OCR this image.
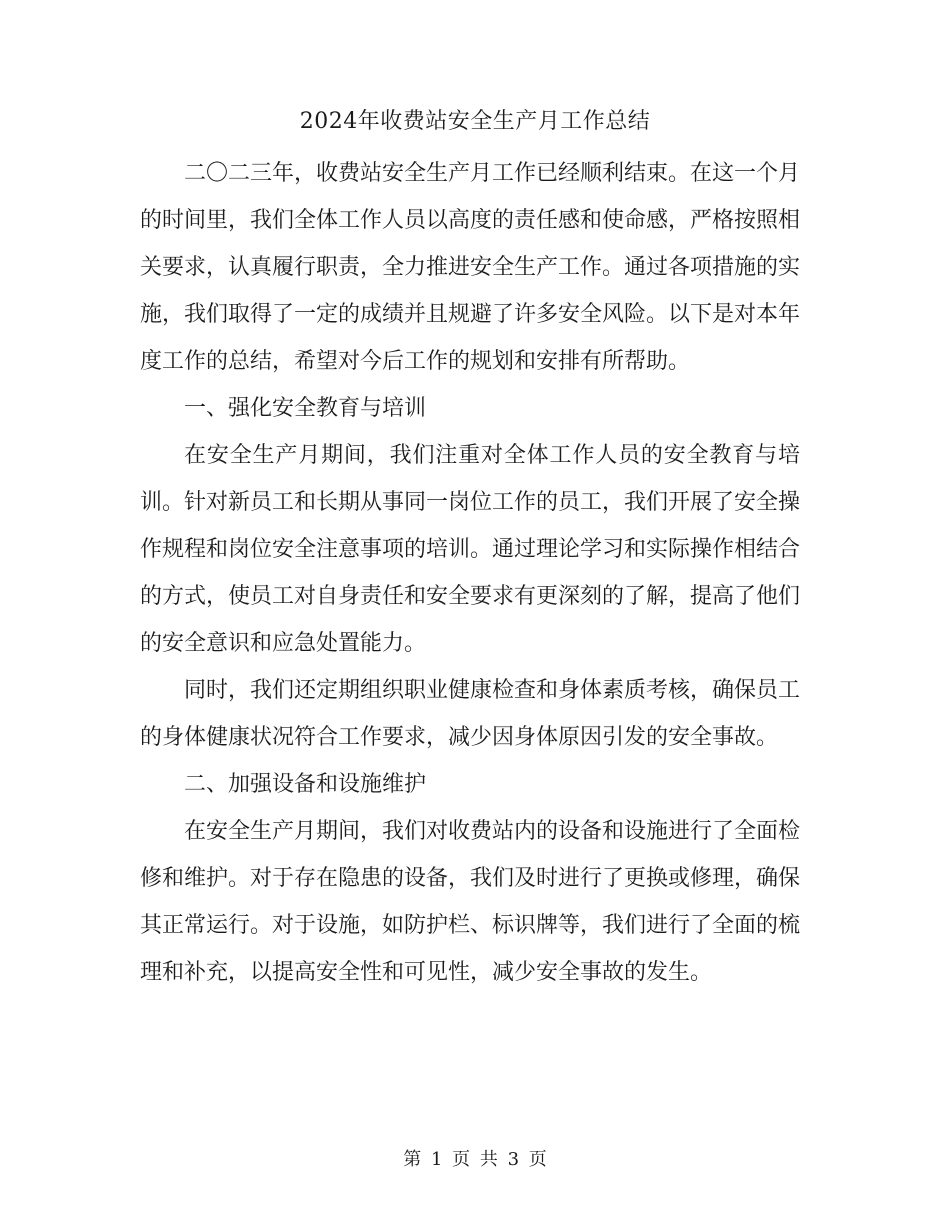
2024年收费站安全生产月工作总结

二〇二三年，收费站安全生产月工作已经顺利结束。在这一个月的时间里，我们全体工作人员以高度的责任感和使命感，严格按照相关要求，认真履行职责，全力推进安全生产工作。通过各项措施的实施，我们取得了一定的成绩并且规避了许多安全风险。以下是对本年度工作的总结，希望对今后工作的规划和安排有所帮助。

一、强化安全教育与培训

在安全生产月期间，我们注重对全体工作人员的安全教育与培训。针对新员工和长期从事同一岗位工作的员工，我们开展了安全操作规程和岗位安全注意事项的培训。通过理论学习和实际操作相结合的方式，使员工对自身责任和安全要求有更深刻的了解，提高了他们的安全意识和应急处置能力。

同时，我们还定期组织职业健康检查和身体素质考核，确保员工的身体健康状况符合工作要求，减少因身体原因引发的安全事故。

二、加强设备和设施维护

在安全生产月期间，我们对收费站内的设备和设施进行了全面检修和维护。对于存在隐患的设备，我们及时进行了更换或修理，确保其正常运行。对于设施，如防护栏、标识牌等，我们进行了全面的梳理和补充，以提高安全性和可见性，减少安全事故的发生。

第 1 页 共 3 页
